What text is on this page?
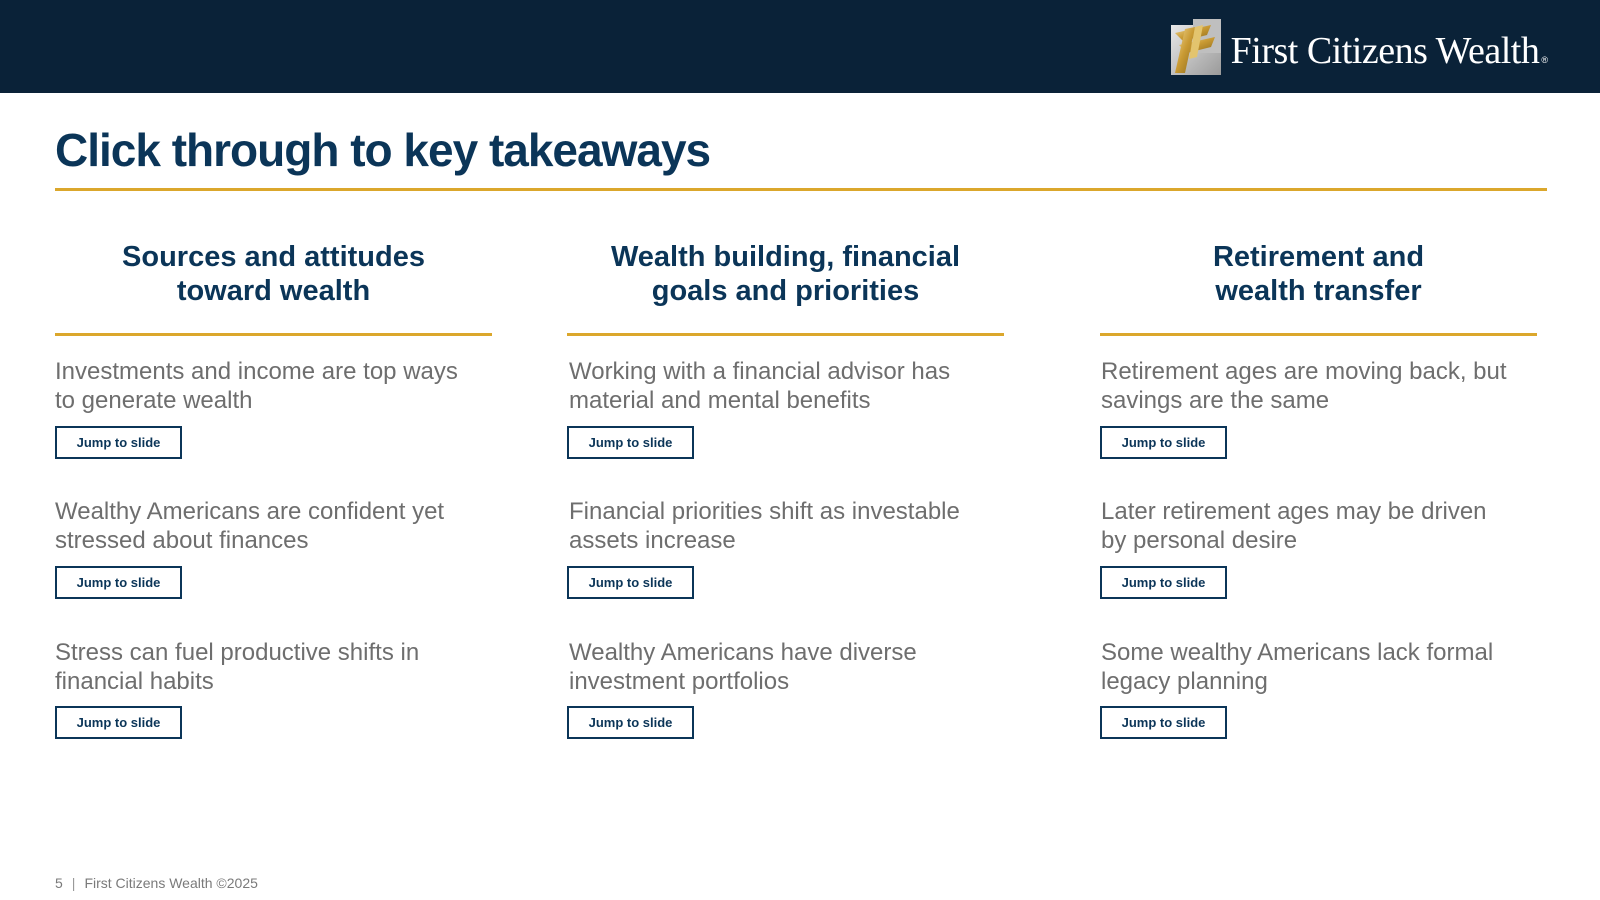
First Citizens Wealth ®
Click through to key takeaways
Sources and attitudes
toward wealth

Investments and income are top ways
to generate wealth

Jump to slide

Wealthy Americans are confident yet
stressed about finances

Jump to slide

Stress can fuel productive shifts in
financial habits

Jump to slide
Wealth building, financial
goals and priorities

Working with a financial advisor has
material and mental benefits

Jump to slide

Financial priorities shift as investable
assets increase

Jump to slide

Wealthy Americans have diverse
investment portfolios

Jump to slide
Retirement and
wealth transfer

Retirement ages are moving back, but
savings are the same

Jump to slide

Later retirement ages may be driven
by personal desire

Jump to slide

Some wealthy Americans lack formal
legacy planning

Jump to slide
5 | First Citizens Wealth ©2025
